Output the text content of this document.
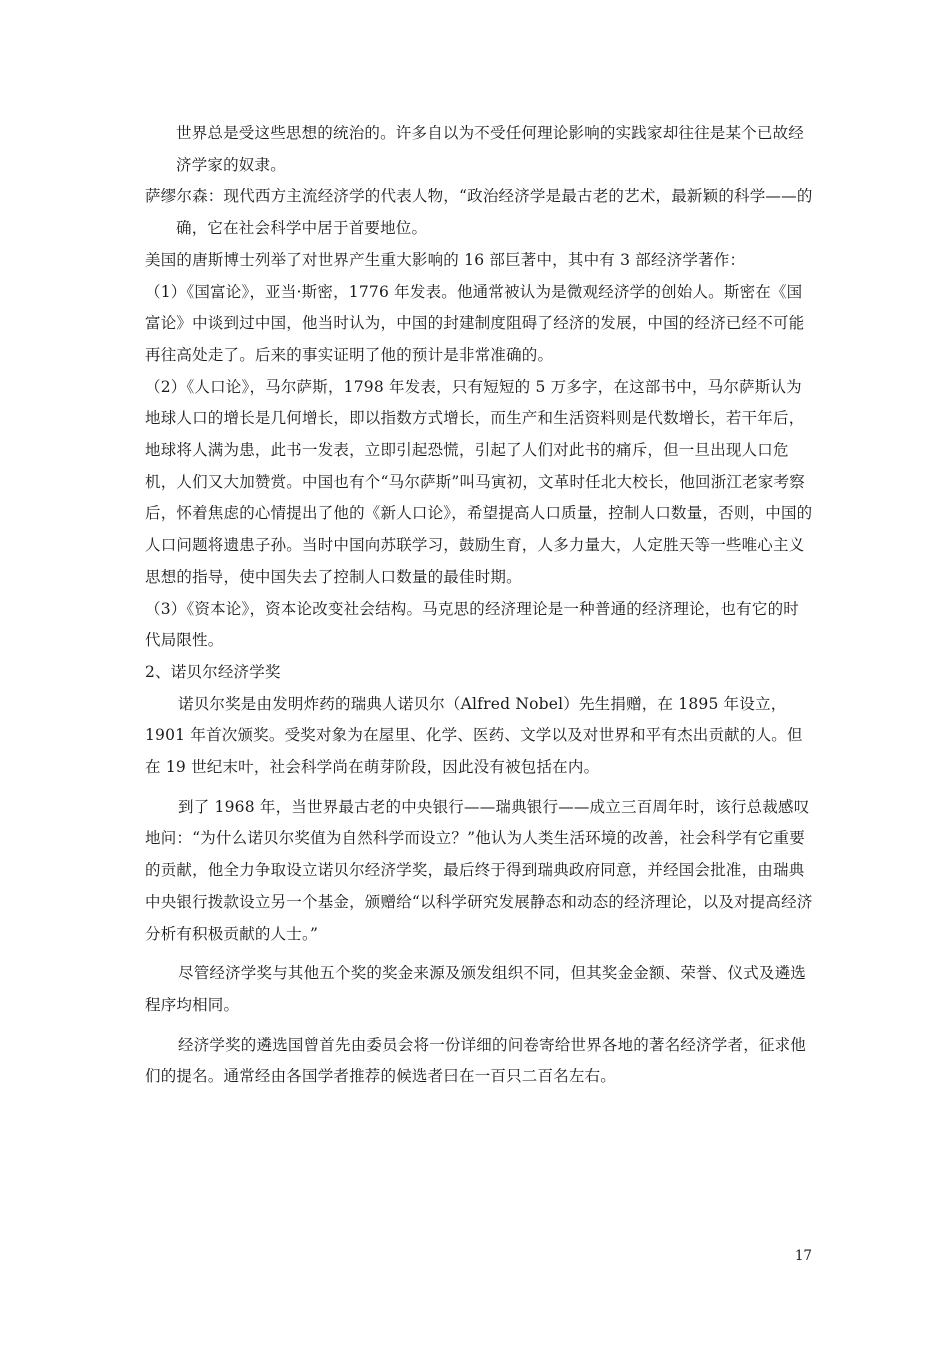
世界总是受这些思想的统治的。许多自以为不受任何理论影响的实践家却往往是某个已故经济学家的奴隶。

萨缪尔森：现代西方主流经济学的代表人物，“政治经济学是最古老的艺术，最新颖的科学——的确，它在社会科学中居于首要地位。

美国的唐斯博士列举了对世界产生重大影响的 16 部巨著中，其中有 3 部经济学著作：

（1）《国富论》，亚当·斯密，1776 年发表。他通常被认为是微观经济学的创始人。斯密在《国富论》中谈到过中国，他当时认为，中国的封建制度阻碍了经济的发展，中国的经济已经不可能再往高处走了。后来的事实证明了他的预计是非常准确的。

（2）《人口论》，马尔萨斯，1798 年发表，只有短短的 5 万多字，在这部书中，马尔萨斯认为地球人口的增长是几何增长，即以指数方式增长，而生产和生活资料则是代数增长，若干年后，地球将人满为患，此书一发表，立即引起恐慌，引起了人们对此书的痛斥，但一旦出现人口危机，人们又大加赞赏。中国也有个“马尔萨斯”叫马寅初，文革时任北大校长，他回浙江老家考察后，怀着焦虑的心情提出了他的《新人口论》，希望提高人口质量，控制人口数量，否则，中国的人口问题将遗患子孙。当时中国向苏联学习，鼓励生育，人多力量大，人定胜天等一些唯心主义思想的指导，使中国失去了控制人口数量的最佳时期。

（3）《资本论》，资本论改变社会结构。马克思的经济理论是一种普通的经济理论，也有它的时代局限性。

2、诺贝尔经济学奖

诺贝尔奖是由发明炸药的瑞典人诺贝尔（Alfred Nobel）先生捐赠，在 1895 年设立，1901 年首次颁奖。受奖对象为在屋里、化学、医药、文学以及对世界和平有杰出贡献的人。但在 19 世纪末叶，社会科学尚在萌芽阶段，因此没有被包括在内。

到了 1968 年，当世界最古老的中央银行——瑞典银行——成立三百周年时，该行总裁感叹地问：“为什么诺贝尔奖值为自然科学而设立？”他认为人类生活环境的改善，社会科学有它重要的贡献，他全力争取设立诺贝尔经济学奖，最后终于得到瑞典政府同意，并经国会批准，由瑞典中央银行拨款设立另一个基金，颁赠给“以科学研究发展静态和动态的经济理论，以及对提高经济分析有积极贡献的人士。”

尽管经济学奖与其他五个奖的奖金来源及颁发组织不同，但其奖金金额、荣誉、仪式及遴选程序均相同。

经济学奖的遴选国曾首先由委员会将一份详细的问卷寄给世界各地的著名经济学者，征求他们的提名。通常经由各国学者推荐的候选者曰在一百只二百名左右。

17
